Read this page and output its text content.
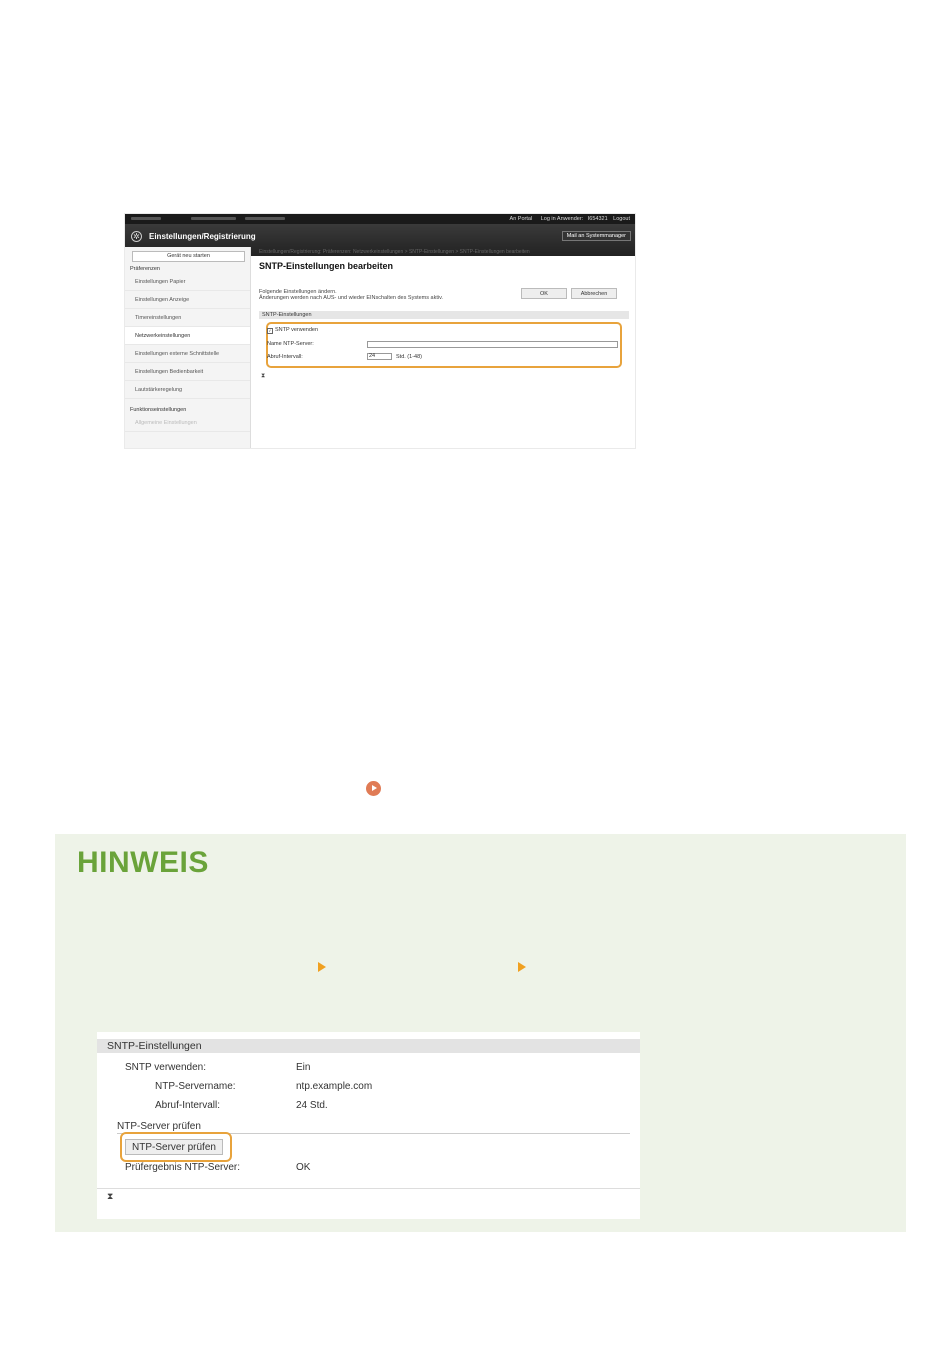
An Portal Log in Anwender: I654321 Logout
✲ Einstellungen/Registrierung	Mail an Systemmanager
Gerät neu starten
Präferenzen
Einstellungen Papier
Einstellungen Anzeige
Timereinstellungen
Netzwerkeinstellungen
Einstellungen externe Schnittstelle
Einstellungen Bedienbarkeit
Lautstärkeregelung
Funktionseinstellungen
Allgemeine Einstellungen
Einstellungen/Registrierung: Präferenzen: Netzwerkeinstellungen > SNTP-Einstellungen > SNTP-Einstellungen bearbeiten
SNTP-Einstellungen bearbeiten
Folgende Einstellungen ändern.
Änderungen werden nach AUS- und wieder EINschalten des Systems aktiv.
OK	Abbrechen
SNTP-Einstellungen
✓ SNTP verwenden
Name NTP-Server:
Abruf-Intervall:	24	Std. (1-48)
⧗
HINWEIS
SNTP-Einstellungen
SNTP verwenden:	Ein
NTP-Servername:	ntp.example.com
Abruf-Intervall:	24 Std.
NTP-Server prüfen
NTP-Server prüfen
Prüfergebnis NTP-Server:	OK
⧗
